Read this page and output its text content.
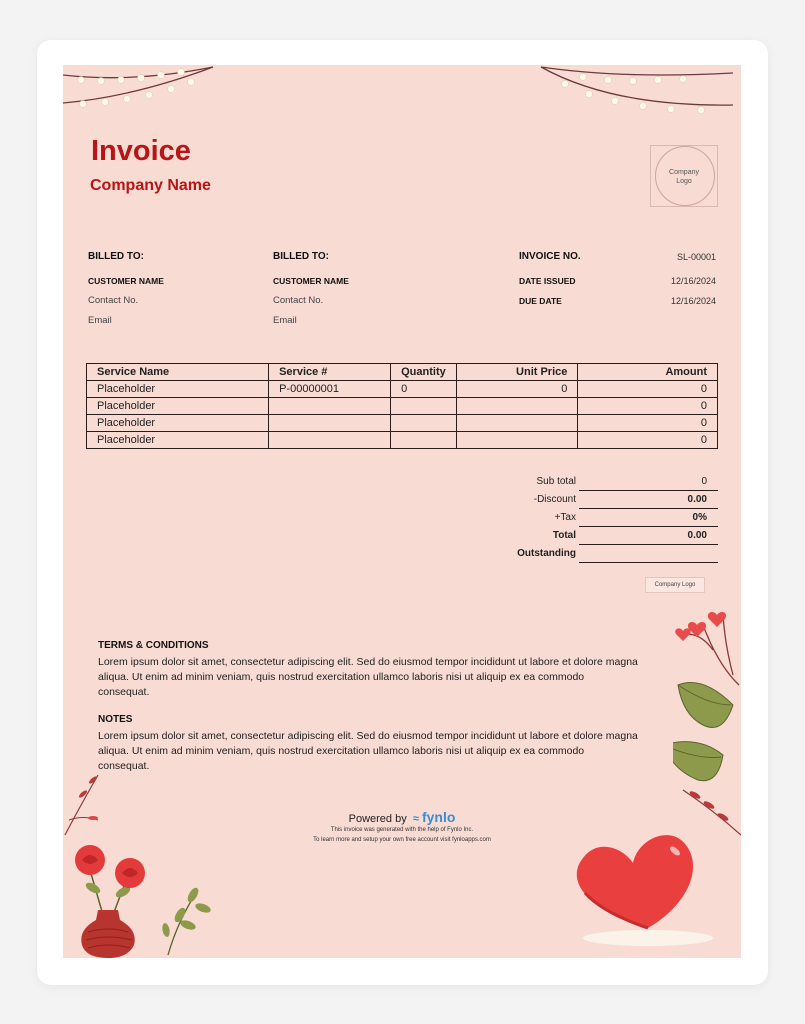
Invoice
Company Name
Company
Logo
BILLED TO:
CUSTOMER NAME
Contact No.
Email
BILLED TO:
CUSTOMER NAME
Contact No.
Email
INVOICE NO.	SL-00001
DATE ISSUED	12/16/2024
DUE DATE	12/16/2024
Service Name	Service #	Quantity	Unit Price	Amount
Placeholder	P-00000001	0	0	0
Placeholder				0
Placeholder				0
Placeholder				0
Sub total	0
-Discount	0.00
+Tax	0%
Total	0.00
Outstanding
Company Logo
TERMS & CONDITIONS
Lorem ipsum dolor sit amet, consectetur adipiscing elit. Sed do eiusmod tempor incididunt ut labore et dolore magna aliqua. Ut enim ad minim veniam, quis nostrud exercitation ullamco laboris nisi ut aliquip ex ea commodo consequat.
NOTES
Lorem ipsum dolor sit amet, consectetur adipiscing elit. Sed do eiusmod tempor incididunt ut labore et dolore magna aliqua. Ut enim ad minim veniam, quis nostrud exercitation ullamco laboris nisi ut aliquip ex ea commodo consequat.
Powered by ≈ fynlo
This invoice was generated with the help of Fynlo Inc.
To learn more and setup your own free account visit fynloapps.com
